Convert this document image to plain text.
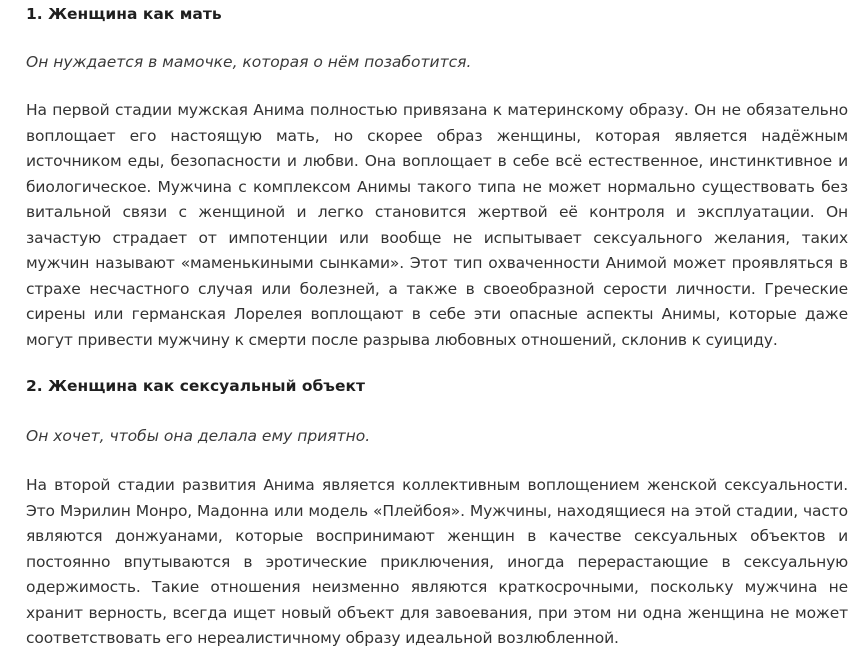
1. Женщина как мать

Он нуждается в мамочке, которая о нём позаботится.

На первой стадии мужская Анима полностью привязана к материнскому образу. Он не обязательно воплощает его настоящую мать, но скорее образ женщины, которая является надёжным источником еды, безопасности и любви. Она воплощает в себе всё естественное, инстинктивное и биологическое. Мужчина с комплексом Анимы такого типа не может нормально существовать без витальной связи с женщиной и легко становится жертвой её контроля и эксплуатации. Он зачастую страдает от импотенции или вообще не испытывает сексуального желания, таких мужчин называют «маменькиными сынками». Этот тип охваченности Анимой может проявляться в страхе несчастного случая или болезней, а также в своеобразной серости личности. Греческие сирены или германская Лорелея воплощают в себе эти опасные аспекты Анимы, которые даже могут привести мужчину к смерти после разрыва любовных отношений, склонив к суициду.

2. Женщина как сексуальный объект

Он хочет, чтобы она делала ему приятно.

На второй стадии развития Анима является коллективным воплощением женской сексуальности. Это Мэрилин Монро, Мадонна или модель «Плейбоя». Мужчины, находящиеся на этой стадии, часто являются донжуанами, которые воспринимают женщин в качестве сексуальных объектов и постоянно впутываются в эротические приключения, иногда перерастающие в сексуальную одержимость. Такие отношения неизменно являются краткосрочными, поскольку мужчина не хранит верность, всегда ищет новый объект для завоевания, при этом ни одна женщина не может соответствовать его нереалистичному образу идеальной возлюбленной.
